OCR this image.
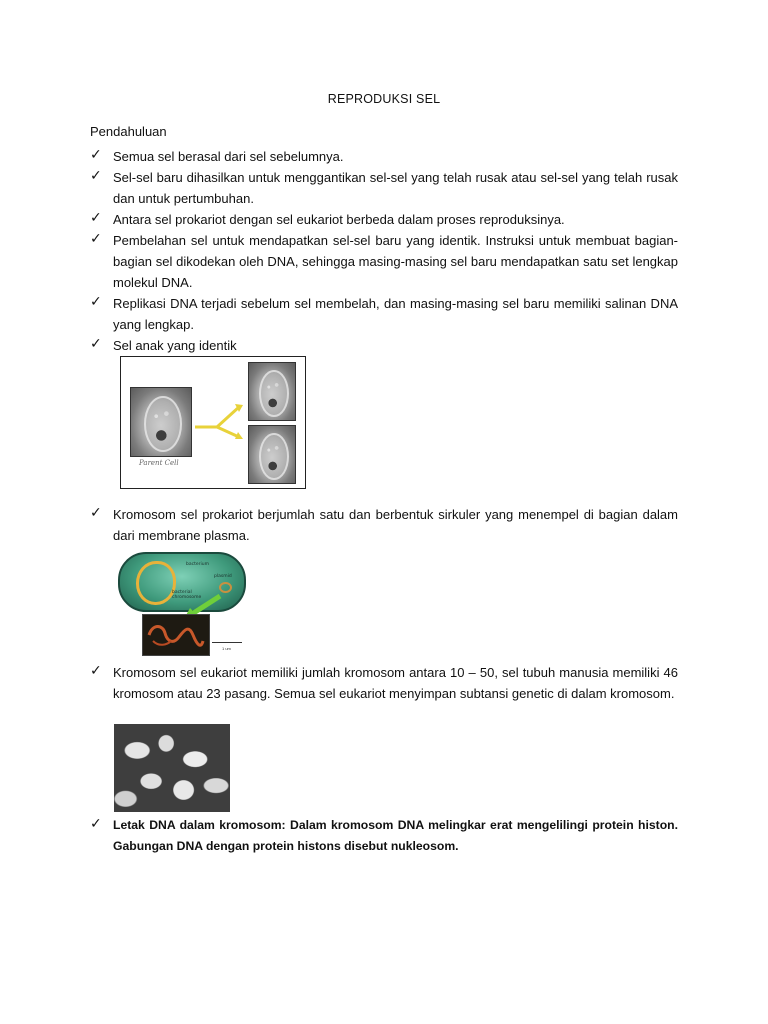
REPRODUKSI SEL
Pendahuluan
✓ Semua sel berasal dari sel sebelumnya.
✓ Sel-sel baru dihasilkan untuk menggantikan sel-sel yang telah rusak atau sel-sel yang telah rusak dan untuk pertumbuhan.
✓ Antara sel prokariot dengan sel eukariot berbeda dalam proses reproduksinya.
✓ Pembelahan sel untuk mendapatkan sel-sel baru yang identik. Instruksi untuk membuat bagian-bagian sel dikodekan oleh DNA, sehingga masing-masing sel baru mendapatkan satu set lengkap molekul DNA.
✓ Replikasi DNA terjadi sebelum sel membelah, dan masing-masing sel baru memiliki salinan DNA yang lengkap.
✓ Sel anak yang identik
Parent Cell
✓ Kromosom sel prokariot berjumlah satu dan berbentuk sirkuler yang menempel di bagian dalam dari membrane plasma.
bacterium
plasmid
bacterial chromosome
1 um
✓ Kromosom sel eukariot memiliki jumlah kromosom antara 10 – 50, sel tubuh manusia memiliki 46 kromosom atau 23 pasang. Semua sel eukariot menyimpan subtansi genetic di dalam kromosom.
✓ Letak DNA dalam kromosom: Dalam kromosom DNA melingkar erat mengelilingi protein histon. Gabungan DNA dengan protein histons disebut nukleosom.
